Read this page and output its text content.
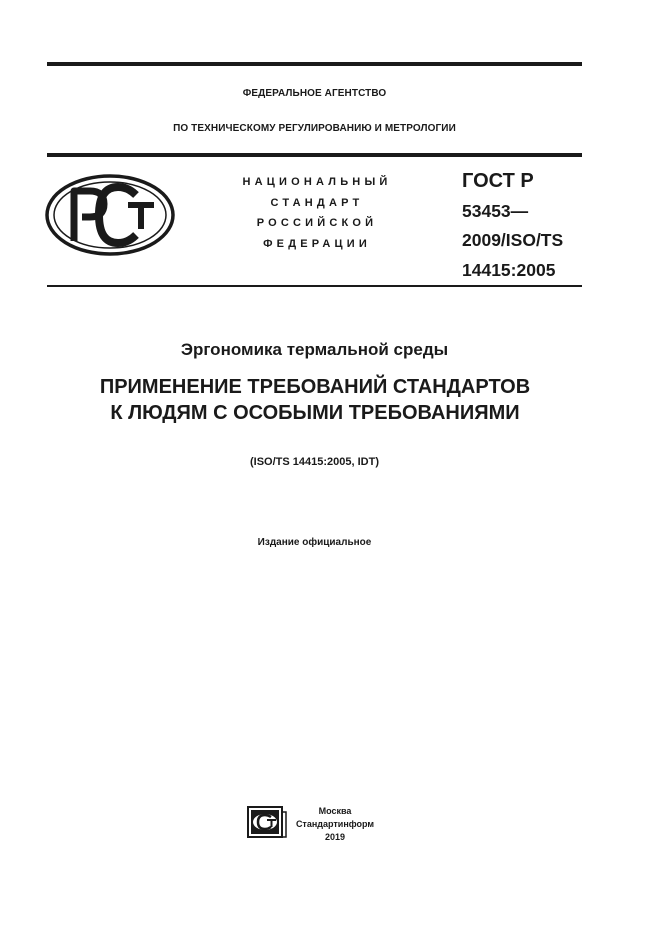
ФЕДЕРАЛЬНОЕ АГЕНТСТВО
ПО ТЕХНИЧЕСКОМУ РЕГУЛИРОВАНИЮ И МЕТРОЛОГИИ
НАЦИОНАЛЬНЫЙ
СТАНДАРТ
РОССИЙСКОЙ
ФЕДЕРАЦИИ
ГОСТ Р
53453—
2009/ISO/TS
14415:2005
Эргономика термальной среды
ПРИМЕНЕНИЕ ТРЕБОВАНИЙ СТАНДАРТОВ
К ЛЮДЯМ С ОСОБЫМИ ТРЕБОВАНИЯМИ
(ISO/TS 14415:2005, IDT)
Издание официальное
Москва
Стандартинформ
2019
